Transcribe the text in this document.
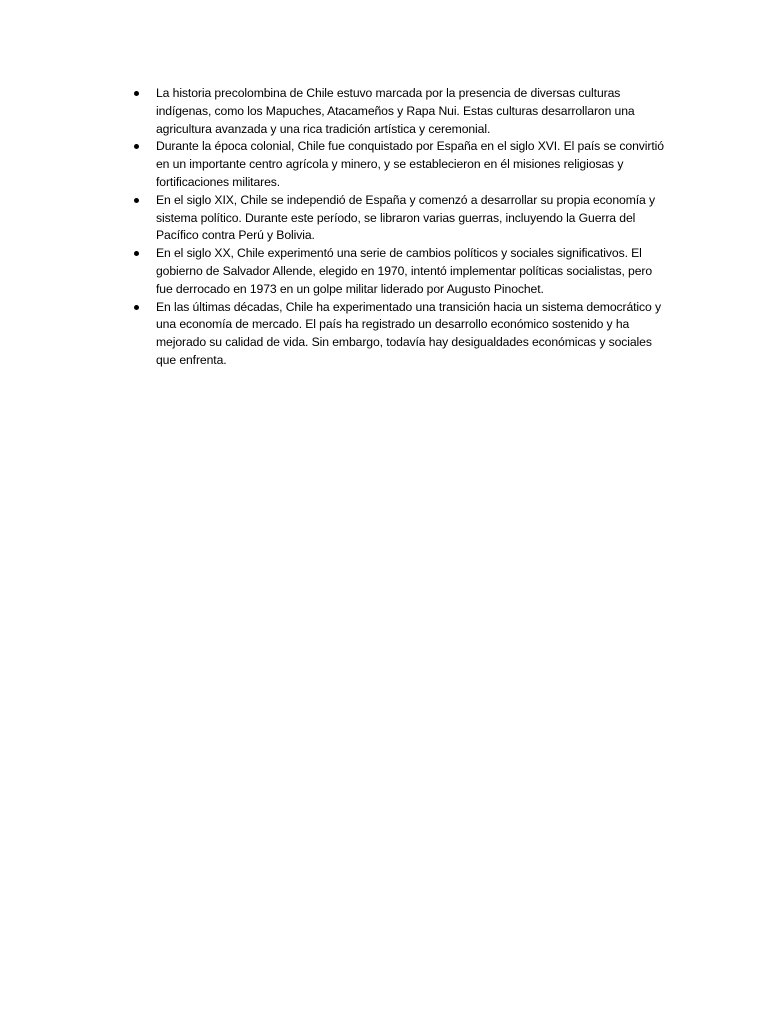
La historia precolombina de Chile estuvo marcada por la presencia de diversas culturas indígenas, como los Mapuches, Atacameños y Rapa Nui. Estas culturas desarrollaron una agricultura avanzada y una rica tradición artística y ceremonial.
Durante la época colonial, Chile fue conquistado por España en el siglo XVI. El país se convirtió en un importante centro agrícola y minero, y se establecieron en él misiones religiosas y fortificaciones militares.
En el siglo XIX, Chile se independió de España y comenzó a desarrollar su propia economía y sistema político. Durante este período, se libraron varias guerras, incluyendo la Guerra del Pacífico contra Perú y Bolivia.
En el siglo XX, Chile experimentó una serie de cambios políticos y sociales significativos. El gobierno de Salvador Allende, elegido en 1970, intentó implementar políticas socialistas, pero fue derrocado en 1973 en un golpe militar liderado por Augusto Pinochet.
En las últimas décadas, Chile ha experimentado una transición hacia un sistema democrático y una economía de mercado. El país ha registrado un desarrollo económico sostenido y ha mejorado su calidad de vida. Sin embargo, todavía hay desigualdades económicas y sociales que enfrenta.
